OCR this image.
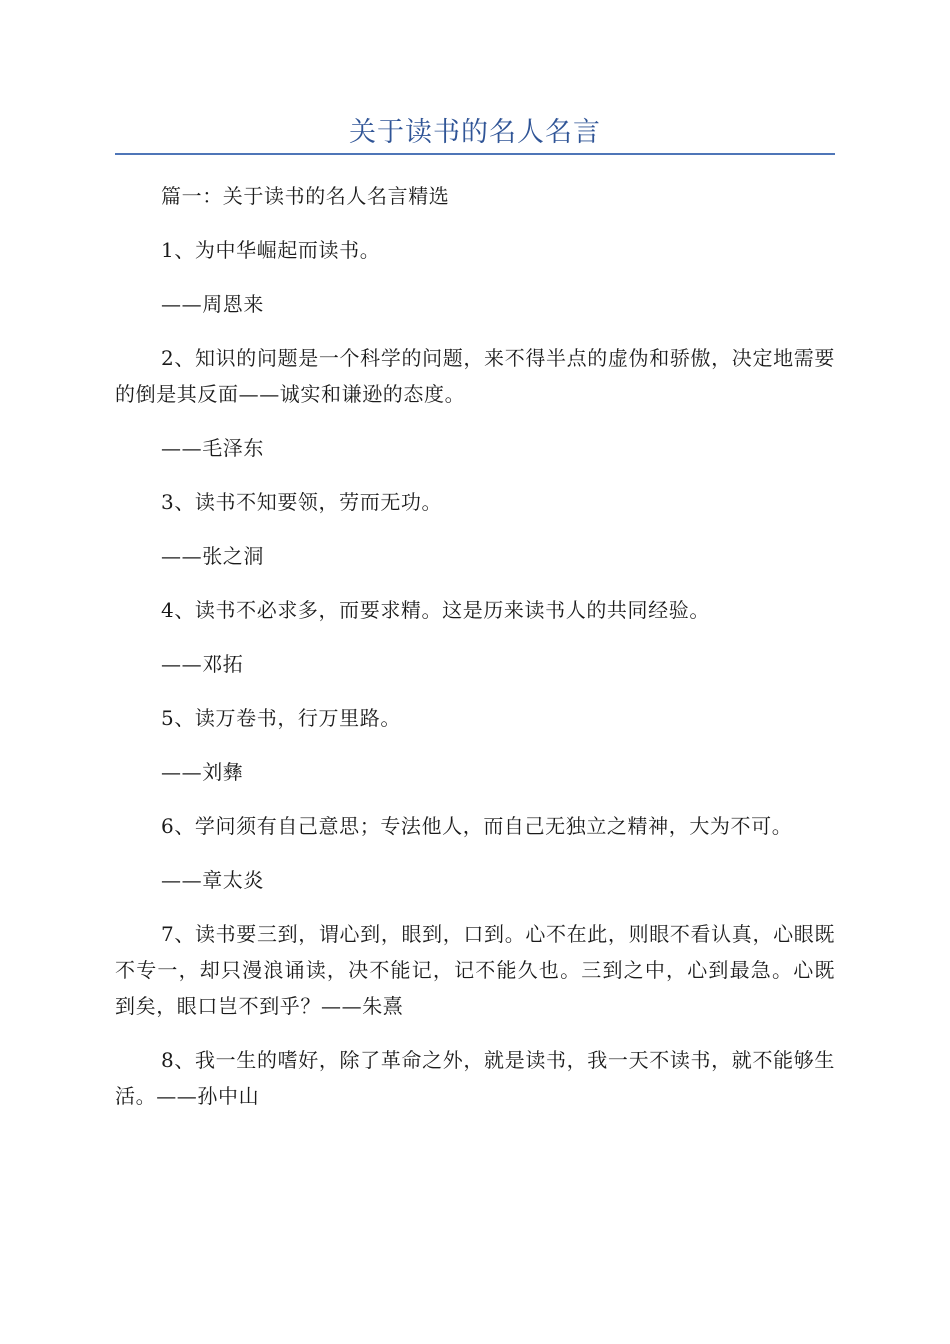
关于读书的名人名言

篇一：关于读书的名人名言精选

1、为中华崛起而读书。

——周恩来

2、知识的问题是一个科学的问题，来不得半点的虚伪和骄傲，决定地需要的倒是其反面——诚实和谦逊的态度。

——毛泽东

3、读书不知要领，劳而无功。

——张之洞

4、读书不必求多，而要求精。这是历来读书人的共同经验。

——邓拓

5、读万卷书，行万里路。

——刘彝

6、学问须有自己意思；专法他人，而自己无独立之精神，大为不可。

——章太炎

7、读书要三到，谓心到，眼到，口到。心不在此，则眼不看认真，心眼既不专一，却只漫浪诵读，决不能记，记不能久也。三到之中，心到最急。心既到矣，眼口岂不到乎？——朱熹

8、我一生的嗜好，除了革命之外，就是读书，我一天不读书，就不能够生活。——孙中山
